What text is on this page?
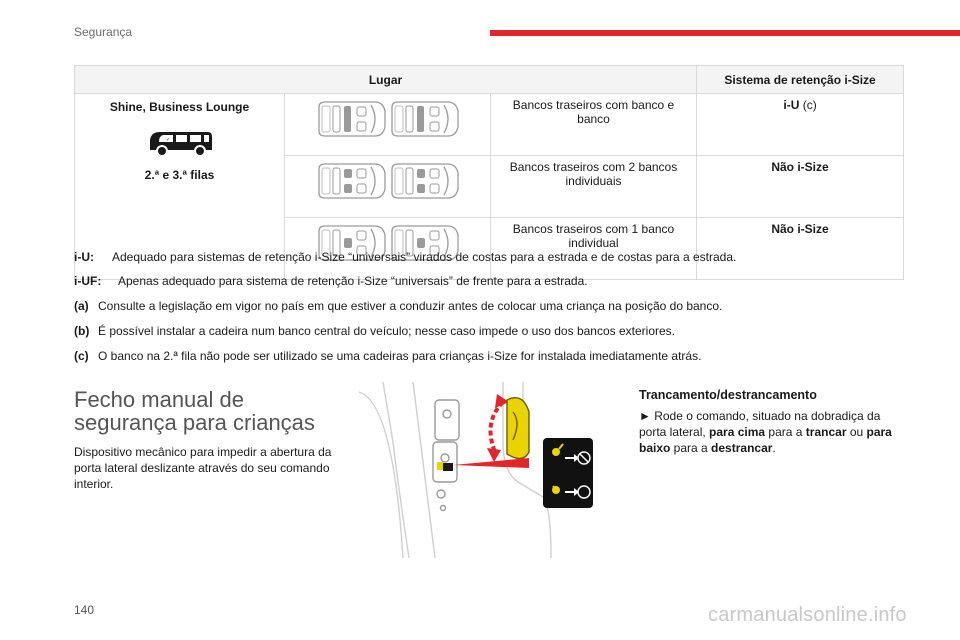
Segurança
Lugar			Sistema de retenção i-Size

Shine, Business Lounge
✓
2.ª e 3.ª filas		Bancos traseiros com banco e banco	i-U (c)

	Bancos traseiros com 2 bancos individuais	Não i-Size

	Bancos traseiros com 1 banco individual	Não i-Size
i-U: Adequado para sistemas de retenção i-Size “universais” virados de costas para a estrada e de costas para a estrada.
i-UF: Apenas adequado para sistema de retenção i-Size “universais” de frente para a estrada.
(a) Consulte a legislação em vigor no país em que estiver a conduzir antes de colocar uma criança na posição do banco.
(b) É possível instalar a cadeira num banco central do veículo; nesse caso impede o uso dos bancos exteriores.
(c) O banco na 2.ª fila não pode ser utilizado se uma cadeiras para crianças i-Size for instalada imediatamente atrás.
Fecho manual de segurança para crianças
Dispositivo mecânico para impedir a abertura da porta lateral deslizante através do seu comando interior.
Trancamento/destrancamento
► Rode o comando, situado na dobradiça da porta lateral, para cima para a trancar ou para baixo para a destrancar.
140	carmanualsonline.info
